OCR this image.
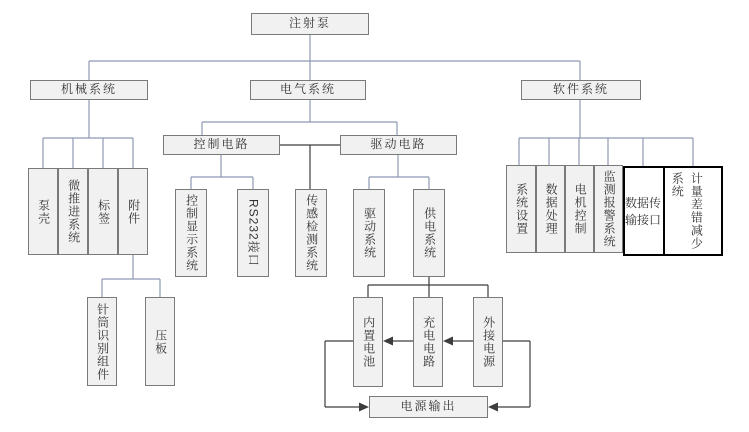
注射泵
机械系统	电气系统	软件系统
控制电路	驱动电路
泵壳 微推进系统 标签 附件
针筒识别组件	压板
控制显示系统	RS232接口	传感检测系统	驱动系统	供电系统
内置电池	充电电路	外接电源
电源输出
系统设置 数据处理 电机控制 监测报警系统 数据传输接口	计量差错减少系统
